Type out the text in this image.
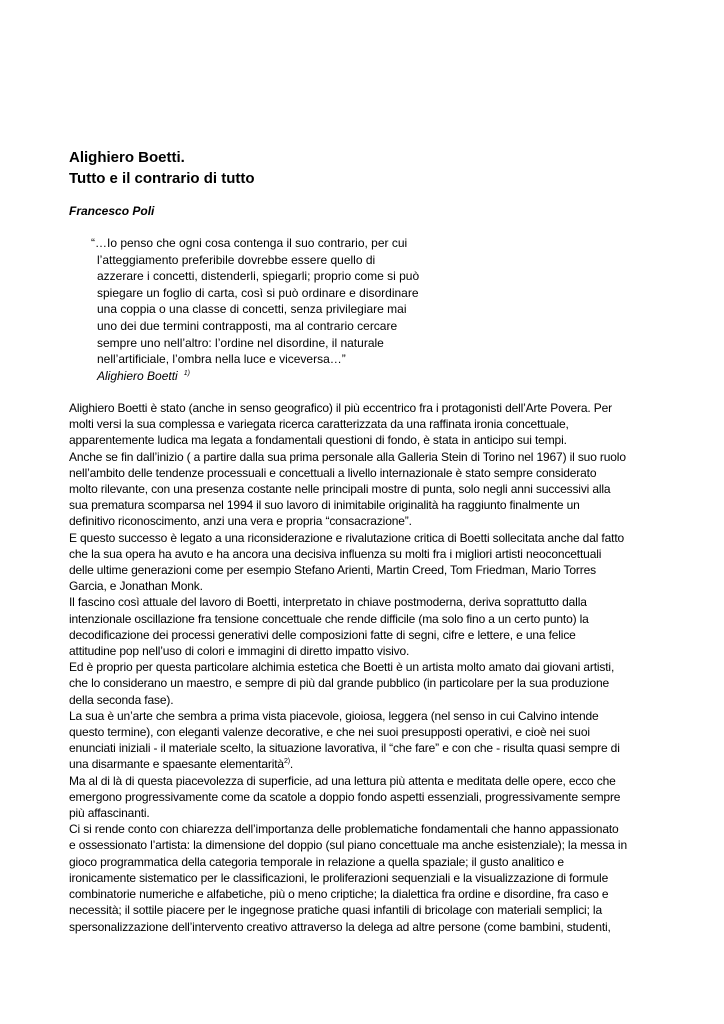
Alighiero Boetti.
Tutto e il contrario di tutto
Francesco Poli
“…Io penso che ogni cosa contenga il suo contrario, per cui
l’atteggiamento preferibile dovrebbe essere quello di
azzerare i concetti, distenderli, spiegarli; proprio come si può
spiegare un foglio di carta, così si può ordinare e disordinare
una coppia o una classe di concetti, senza privilegiare mai
uno dei due termini contrapposti, ma al contrario cercare
sempre uno nell’altro: l’ordine nel disordine, il naturale
nell’artificiale, l’ombra nella luce e viceversa…”
Alighiero Boetti $^{1)}$
Alighiero Boetti è stato (anche in senso geografico) il più eccentrico fra i protagonisti dell’Arte Povera. Per
molti versi la sua complessa e variegata ricerca caratterizzata da una raffinata ironia concettuale,
apparentemente ludica ma legata a fondamentali questioni di fondo, è stata in anticipo sui tempi.
Anche se fin dall’inizio ( a partire dalla sua prima personale alla Galleria Stein di Torino nel 1967) il suo ruolo
nell’ambito delle tendenze processuali e concettuali a livello internazionale è stato sempre considerato
molto rilevante, con una presenza costante nelle principali mostre di punta, solo negli anni successivi alla
sua prematura scomparsa nel 1994 il suo lavoro di inimitabile originalità ha raggiunto finalmente un
definitivo riconoscimento, anzi una vera e propria “consacrazione”.
E questo successo è legato a una riconsiderazione e rivalutazione critica di Boetti sollecitata anche dal fatto
che la sua opera ha avuto e ha ancora una decisiva influenza su molti fra i migliori artisti neoconcettuali
delle ultime generazioni come per esempio Stefano Arienti, Martin Creed, Tom Friedman, Mario Torres
Garcia, e Jonathan Monk.
Il fascino così attuale del lavoro di Boetti, interpretato in chiave postmoderna, deriva soprattutto dalla
intenzionale oscillazione fra tensione concettuale che rende difficile (ma solo fino a un certo punto) la
decodificazione dei processi generativi delle composizioni fatte di segni, cifre e lettere, e una felice
attitudine pop nell’uso di colori e immagini di diretto impatto visivo.
Ed è proprio per questa particolare alchimia estetica che Boetti è un artista molto amato dai giovani artisti,
che lo considerano un maestro, e sempre di più dal grande pubblico (in particolare per la sua produzione
della seconda fase).
La sua è un’arte che sembra a prima vista piacevole, gioiosa, leggera (nel senso in cui Calvino intende
questo termine), con eleganti valenze decorative, e che nei suoi presupposti operativi, e cioè nei suoi
enunciati iniziali - il materiale scelto, la situazione lavorativa, il “che fare” e con che - risulta quasi sempre di
una disarmante e spaesante elementarità$^{2)}$.
Ma al di là di questa piacevolezza di superficie, ad una lettura più attenta e meditata delle opere, ecco che
emergono progressivamente come da scatole a doppio fondo aspetti essenziali, progressivamente sempre
più affascinanti.
Ci si rende conto con chiarezza dell’importanza delle problematiche fondamentali che hanno appassionato
e ossessionato l’artista: la dimensione del doppio (sul piano concettuale ma anche esistenziale); la messa in
gioco programmatica della categoria temporale in relazione a quella spaziale; il gusto analitico e
ironicamente sistematico per le classificazioni, le proliferazioni sequenziali e la visualizzazione di formule
combinatorie numeriche e alfabetiche, più o meno criptiche; la dialettica fra ordine e disordine, fra caso e
necessità; il sottile piacere per le ingegnose pratiche quasi infantili di bricolage con materiali semplici; la
spersonalizzazione dell’intervento creativo attraverso la delega ad altre persone (come bambini, studenti,
